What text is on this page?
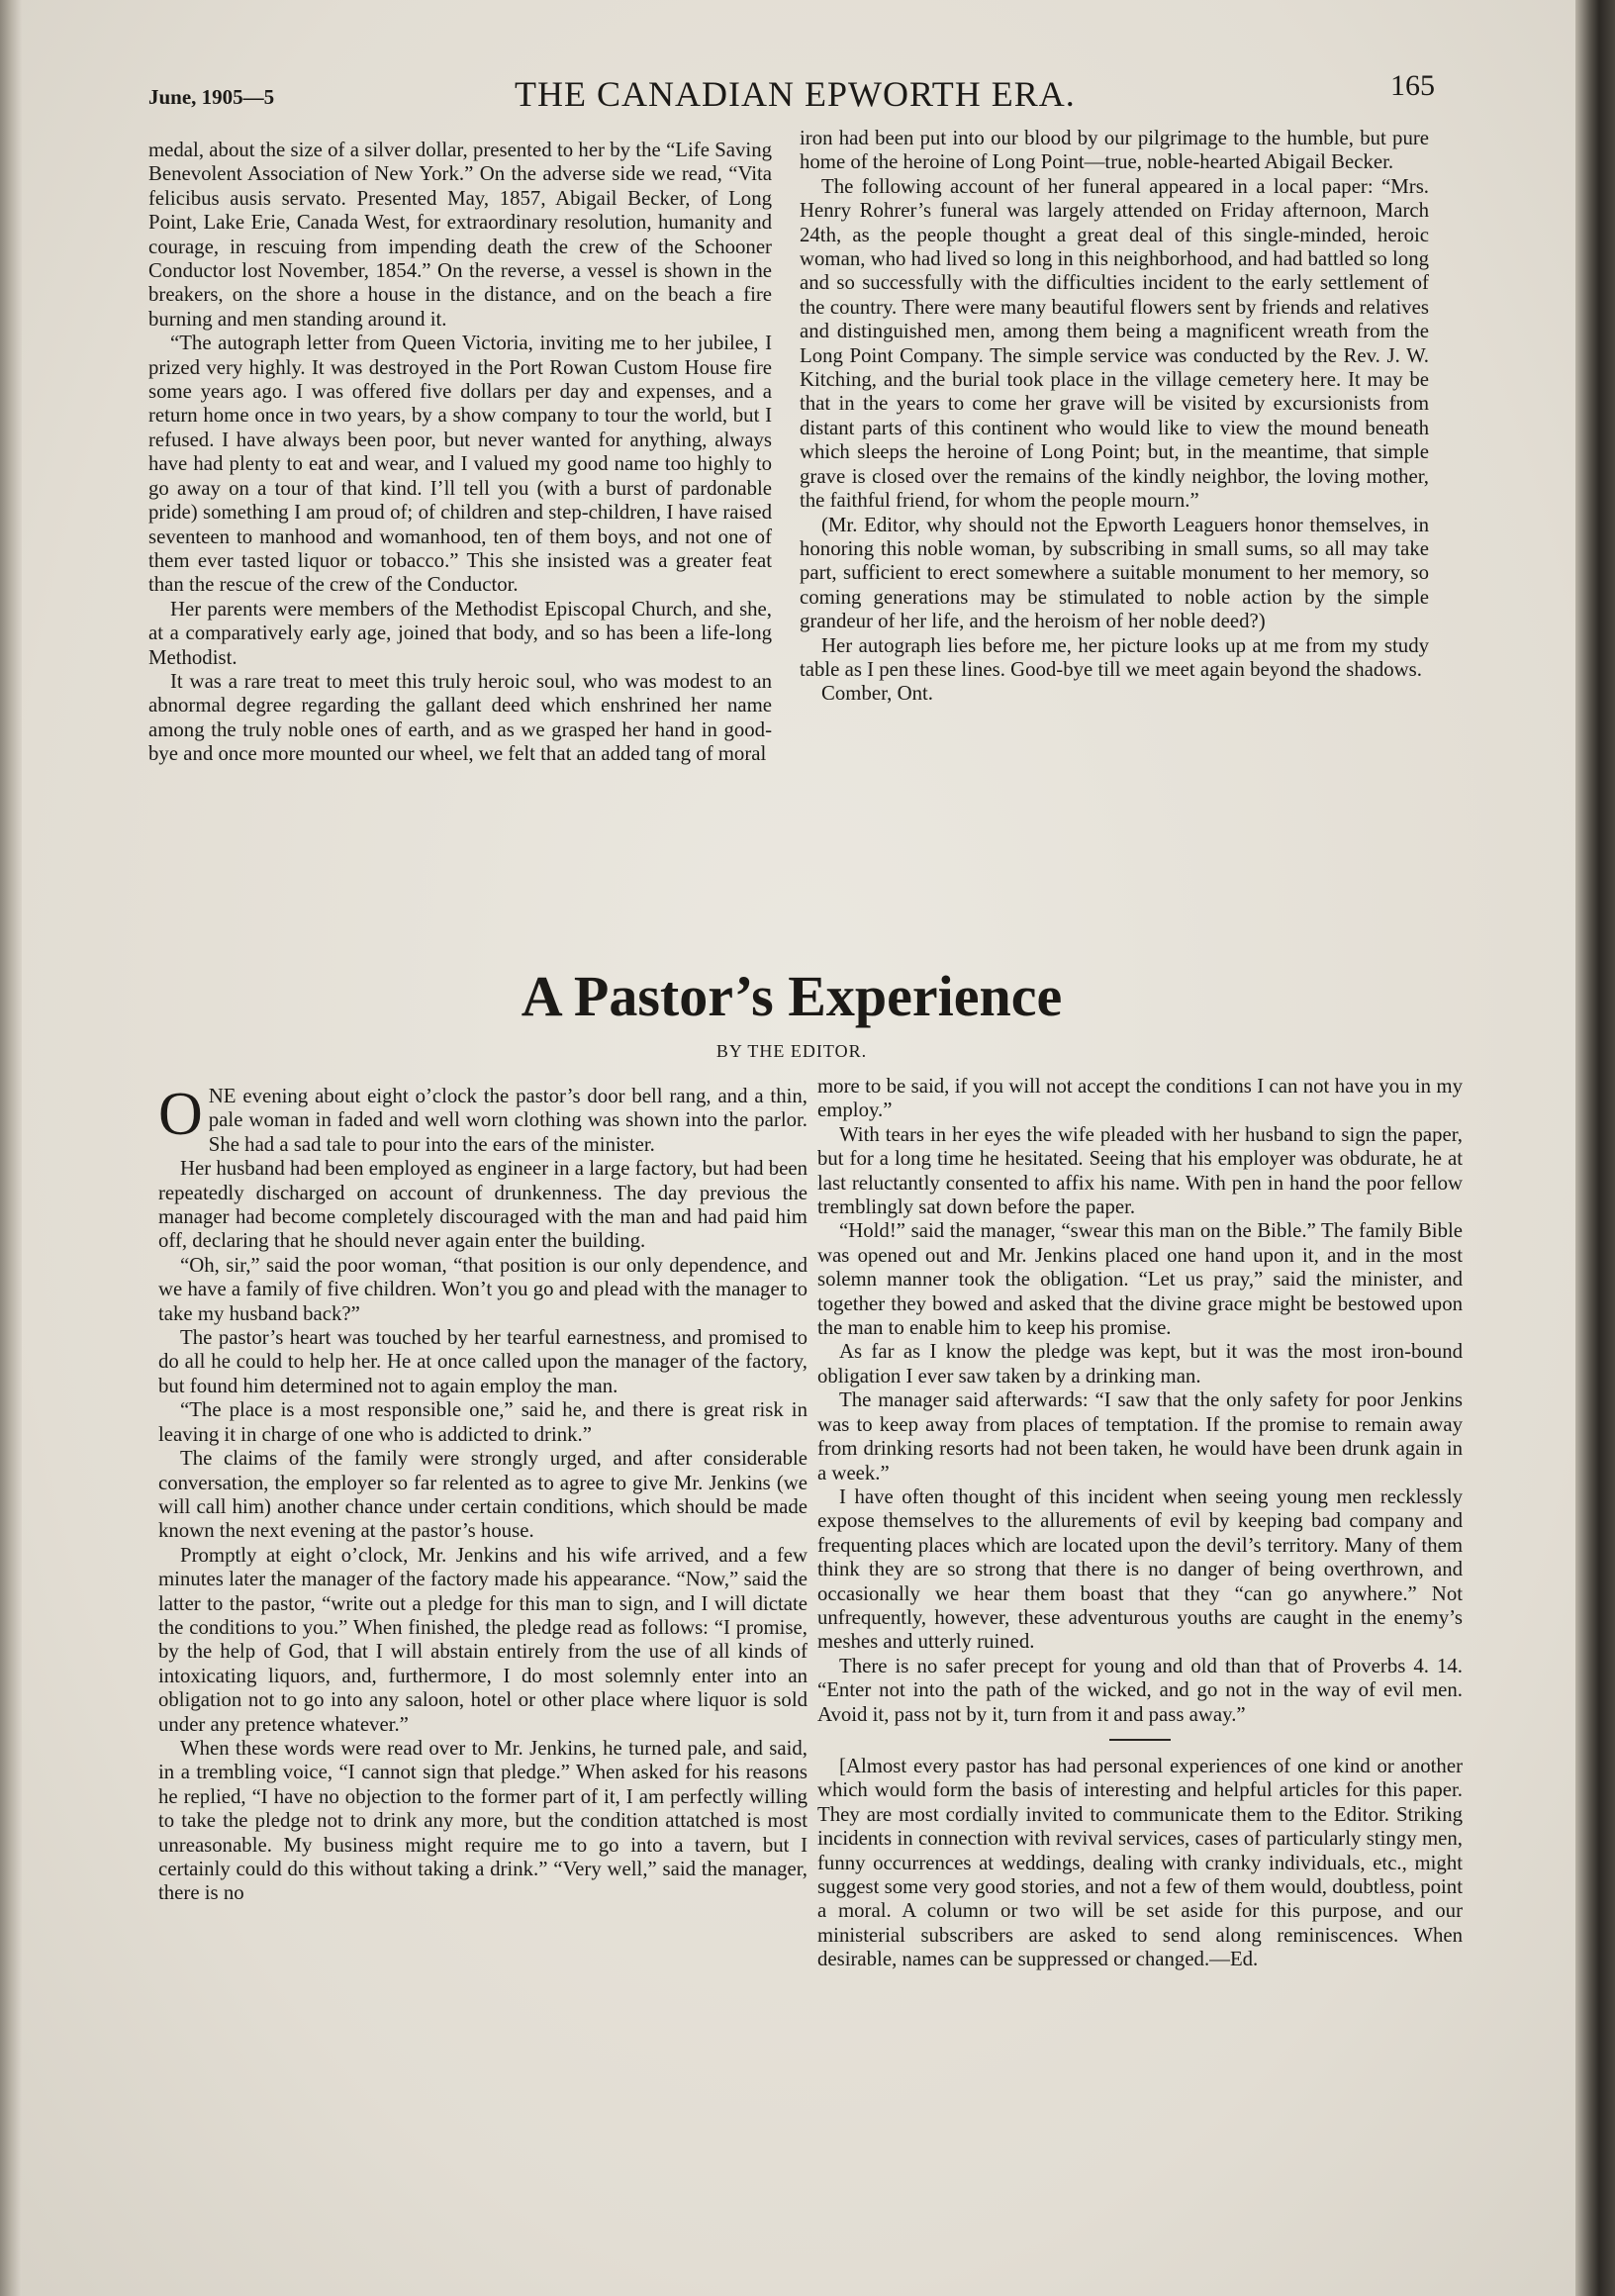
June, 1905—5	THE CANADIAN EPWORTH ERA.	165

medal, about the size of a silver dollar, presented to her by the “Life Saving Benevolent Association of New York.” On the adverse side we read, “Vita felicibus ausis servato. Presented May, 1857, Abigail Becker, of Long Point, Lake Erie, Canada West, for extraordinary resolution, humanity and courage, in rescuing from impending death the crew of the Schooner Conductor lost November, 1854.” On the reverse, a vessel is shown in the breakers, on the shore a house in the distance, and on the beach a fire burning and men standing around it.

“The autograph letter from Queen Victoria, inviting me to her jubilee, I prized very highly. It was destroyed in the Port Rowan Custom House fire some years ago. I was offered five dollars per day and expenses, and a return home once in two years, by a show company to tour the world, but I refused. I have always been poor, but never wanted for anything, always have had plenty to eat and wear, and I valued my good name too highly to go away on a tour of that kind. I’ll tell you (with a burst of pardonable pride) something I am proud of; of children and step-children, I have raised seventeen to manhood and womanhood, ten of them boys, and not one of them ever tasted liquor or tobacco.” This she insisted was a greater feat than the rescue of the crew of the Conductor.

Her parents were members of the Methodist Episcopal Church, and she, at a comparatively early age, joined that body, and so has been a life-long Methodist.

It was a rare treat to meet this truly heroic soul, who was modest to an abnormal degree regarding the gallant deed which enshrined her name among the truly noble ones of earth, and as we grasped her hand in good-bye and once more mounted our wheel, we felt that an added tang of moral

iron had been put into our blood by our pilgrimage to the humble, but pure home of the heroine of Long Point—true, noble-hearted Abigail Becker.

The following account of her funeral appeared in a local paper: “Mrs. Henry Rohrer’s funeral was largely attended on Friday afternoon, March 24th, as the people thought a great deal of this single-minded, heroic woman, who had lived so long in this neighborhood, and had battled so long and so successfully with the difficulties incident to the early settlement of the country. There were many beautiful flowers sent by friends and relatives and distinguished men, among them being a magnificent wreath from the Long Point Company. The simple service was conducted by the Rev. J. W. Kitching, and the burial took place in the village cemetery here. It may be that in the years to come her grave will be visited by excursionists from distant parts of this continent who would like to view the mound beneath which sleeps the heroine of Long Point; but, in the meantime, that simple grave is closed over the remains of the kindly neighbor, the loving mother, the faithful friend, for whom the people mourn.”

(Mr. Editor, why should not the Epworth Leaguers honor themselves, in honoring this noble woman, by subscribing in small sums, so all may take part, sufficient to erect somewhere a suitable monument to her memory, so coming generations may be stimulated to noble action by the simple grandeur of her life, and the heroism of her noble deed?)

Her autograph lies before me, her picture looks up at me from my study table as I pen these lines. Good-bye till we meet again beyond the shadows.

Comber, Ont.

A Pastor’s Experience
BY THE EDITOR.

ONE evening about eight o’clock the pastor’s door bell rang, and a thin, pale woman in faded and well worn clothing was shown into the parlor. She had a sad tale to pour into the ears of the minister.

Her husband had been employed as engineer in a large factory, but had been repeatedly discharged on account of drunkenness. The day previous the manager had become completely discouraged with the man and had paid him off, declaring that he should never again enter the building.

“Oh, sir,” said the poor woman, “that position is our only dependence, and we have a family of five children. Won’t you go and plead with the manager to take my husband back?”

The pastor’s heart was touched by her tearful earnestness, and promised to do all he could to help her. He at once called upon the manager of the factory, but found him determined not to again employ the man.

“The place is a most responsible one,” said he, and there is great risk in leaving it in charge of one who is addicted to drink.”

The claims of the family were strongly urged, and after considerable conversation, the employer so far relented as to agree to give Mr. Jenkins (we will call him) another chance under certain conditions, which should be made known the next evening at the pastor’s house.

Promptly at eight o’clock, Mr. Jenkins and his wife arrived, and a few minutes later the manager of the factory made his appearance. “Now,” said the latter to the pastor, “write out a pledge for this man to sign, and I will dictate the conditions to you.” When finished, the pledge read as follows: “I promise, by the help of God, that I will abstain entirely from the use of all kinds of intoxicating liquors, and, furthermore, I do most solemnly enter into an obligation not to go into any saloon, hotel or other place where liquor is sold under any pretence whatever.”

When these words were read over to Mr. Jenkins, he turned pale, and said, in a trembling voice, “I cannot sign that pledge.” When asked for his reasons he replied, “I have no objection to the former part of it, I am perfectly willing to take the pledge not to drink any more, but the condition attatched is most unreasonable. My business might require me to go into a tavern, but I certainly could do this without taking a drink.” “Very well,” said the manager, there is no

more to be said, if you will not accept the conditions I can not have you in my employ.”

With tears in her eyes the wife pleaded with her husband to sign the paper, but for a long time he hesitated. Seeing that his employer was obdurate, he at last reluctantly consented to affix his name. With pen in hand the poor fellow tremblingly sat down before the paper.

“Hold!” said the manager, “swear this man on the Bible.” The family Bible was opened out and Mr. Jenkins placed one hand upon it, and in the most solemn manner took the obligation. “Let us pray,” said the minister, and together they bowed and asked that the divine grace might be bestowed upon the man to enable him to keep his promise.

As far as I know the pledge was kept, but it was the most iron-bound obligation I ever saw taken by a drinking man.

The manager said afterwards: “I saw that the only safety for poor Jenkins was to keep away from places of temptation. If the promise to remain away from drinking resorts had not been taken, he would have been drunk again in a week.”

I have often thought of this incident when seeing young men recklessly expose themselves to the allurements of evil by keeping bad company and frequenting places which are located upon the devil’s territory. Many of them think they are so strong that there is no danger of being overthrown, and occasionally we hear them boast that they “can go anywhere.” Not unfrequently, however, these adventurous youths are caught in the enemy’s meshes and utterly ruined.

There is no safer precept for young and old than that of Proverbs 4. 14. “Enter not into the path of the wicked, and go not in the way of evil men. Avoid it, pass not by it, turn from it and pass away.”

[Almost every pastor has had personal experiences of one kind or another which would form the basis of interesting and helpful articles for this paper. They are most cordially invited to communicate them to the Editor. Striking incidents in connection with revival services, cases of particularly stingy men, funny occurrences at weddings, dealing with cranky individuals, etc., might suggest some very good stories, and not a few of them would, doubtless, point a moral. A column or two will be set aside for this purpose, and our ministerial subscribers are asked to send along reminiscences. When desirable, names can be suppressed or changed.—Ed.
